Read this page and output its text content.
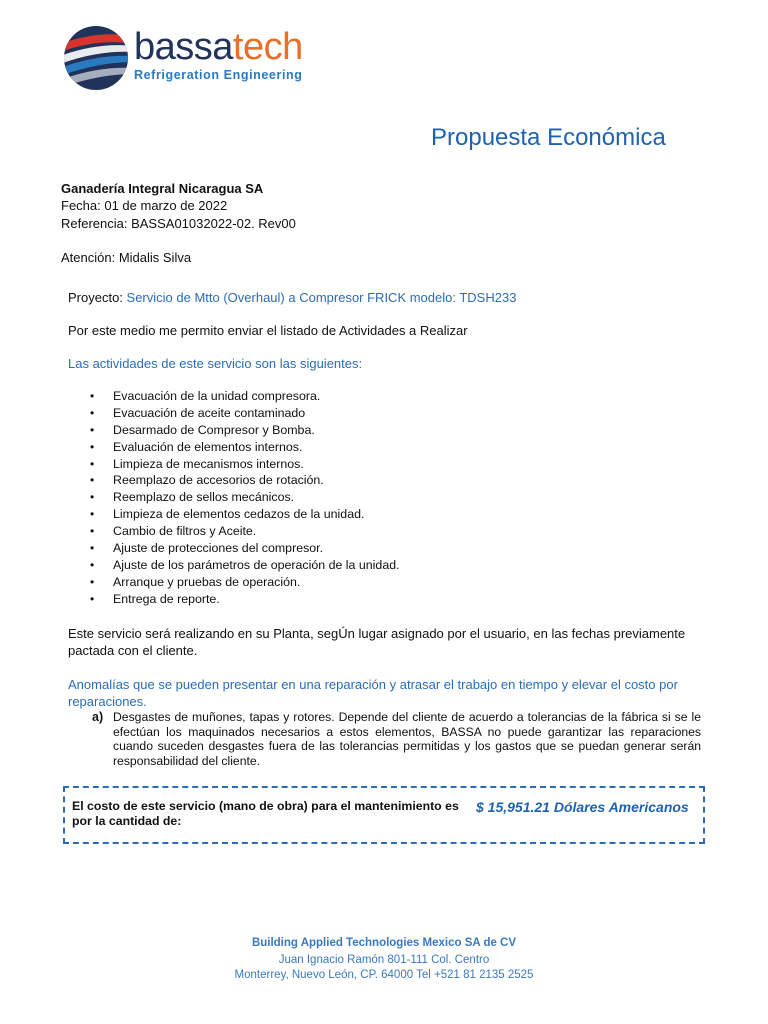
bassatech
Refrigeration Engineering
Propuesta Económica
Ganadería Integral Nicaragua SA
Fecha: 01 de marzo de 2022
Referencia: BASSA01032022-02. Rev00
Atención: Midalis Silva
Proyecto: Servicio de Mtto (Overhaul) a Compresor FRICK modelo: TDSH233
Por este medio me permito enviar el listado de Actividades a Realizar
Las actividades de este servicio son las siguientes:
• Evacuación de la unidad compresora.
• Evacuación de aceite contaminado
• Desarmado de Compresor y Bomba.
• Evaluación de elementos internos.
• Limpieza de mecanismos internos.
• Reemplazo de accesorios de rotación.
• Reemplazo de sellos mecánicos.
• Limpieza de elementos cedazos de la unidad.
• Cambio de filtros y Aceite.
• Ajuste de protecciones del compresor.
• Ajuste de los parámetros de operación de la unidad.
• Arranque y pruebas de operación.
• Entrega de reporte.
Este servicio será realizando en su Planta, segÚn lugar asignado por el usuario, en las fechas previamente pactada con el cliente.
Anomalías que se pueden presentar en una reparación y atrasar el trabajo en tiempo y elevar el costo por reparaciones.
a) Desgastes de muñones, tapas y rotores. Depende del cliente de acuerdo a tolerancias de la fábrica si se le efectúan los maquinados necesarios a estos elementos, BASSA no puede garantizar las reparaciones cuando suceden desgastes fuera de las tolerancias permitidas y los gastos que se puedan generar serán responsabilidad del cliente.
El costo de este servicio (mano de obra) para el mantenimiento es por la cantidad de:
$ 15,951.21 Dólares Americanos
Building Applied Technologies Mexico SA de CV
Juan Ignacio Ramón 801-111 Col. Centro
Monterrey, Nuevo León, CP. 64000 Tel +521 81 2135 2525
